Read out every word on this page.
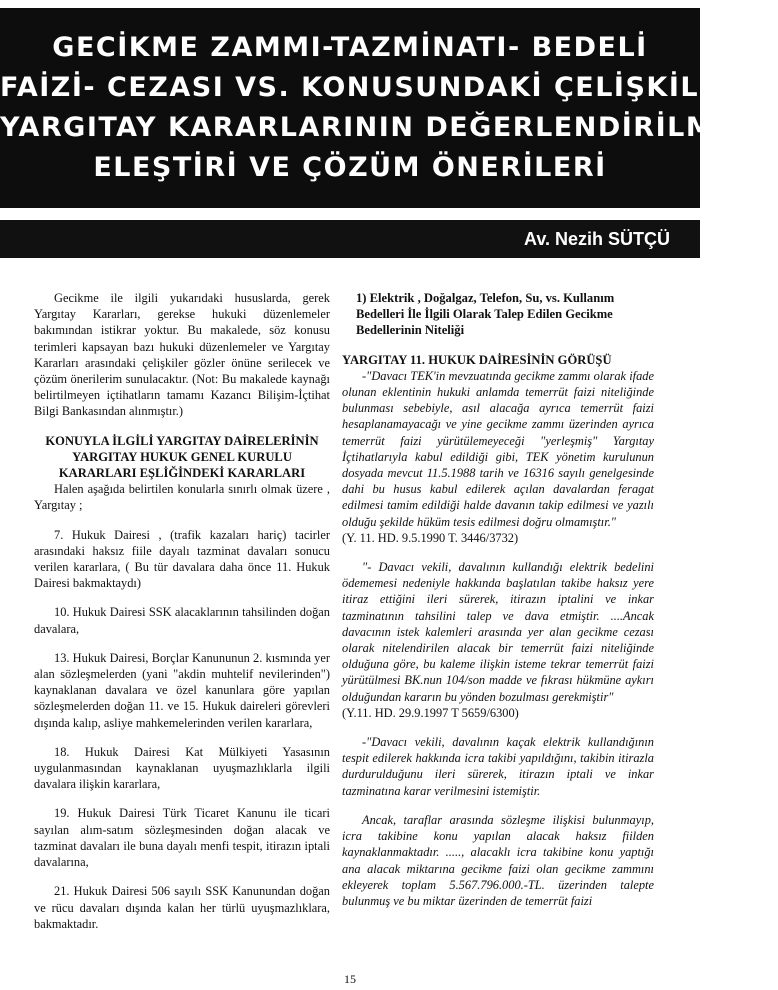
GECİKME ZAMMI-TAZMİNATI- BEDELİ
FAİZİ- CEZASI VS. KONUSUNDAKİ ÇELİŞKİLİ
YARGITAY KARARLARININ DEĞERLENDİRİLMESİ,
ELEŞTİRİ VE ÇÖZÜM ÖNERİLERİ

Av. Nezih SÜTÇÜ

Gecikme ile ilgili yukarıdaki hususlarda, gerek Yargıtay Kararları, gerekse hukuki düzenlemeler bakımından istikrar yoktur. Bu makalede, söz konusu terimleri kapsayan bazı hukuki düzenlemeler ve Yargıtay Kararları arasındaki çelişkiler gözler önüne serilecek ve çözüm önerilerim sunulacaktır. (Not: Bu makalede kaynağı belirtilmeyen içtihatların tamamı Kazancı Bilişim-İçtihat Bilgi Bankasından alınmıştır.)

KONUYLA İLGİLİ YARGITAY DAİRELERİNİN YARGITAY HUKUK GENEL KURULU KARARLARI EŞLİĞİNDEKİ KARARLARI

Halen aşağıda belirtilen konularla sınırlı olmak üzere , Yargıtay ;

7. Hukuk Dairesi , (trafik kazaları hariç) tacirler arasındaki haksız fiile dayalı tazminat davaları sonucu verilen kararlara, ( Bu tür davalara daha önce 11. Hukuk Dairesi bakmaktaydı)

10. Hukuk Dairesi SSK alacaklarının tahsilinden doğan davalara,

13. Hukuk Dairesi, Borçlar Kanununun 2. kısmında yer alan sözleşmelerden (yani "akdin muhtelif nevilerinden") kaynaklanan davalara ve özel kanunlara göre yapılan sözleşmelerden doğan 11. ve 15. Hukuk daireleri görevleri dışında kalıp, asliye mahkemelerinden verilen kararlara,

18. Hukuk Dairesi Kat Mülkiyeti Yasasının uygulanmasından kaynaklanan uyuşmazlıklarla ilgili davalara ilişkin kararlara,

19. Hukuk Dairesi Türk Ticaret Kanunu ile ticari sayılan alım-satım sözleşmesinden doğan alacak ve tazminat davaları ile buna dayalı menfi tespit, itirazın iptali davalarına,

21. Hukuk Dairesi 506 sayılı SSK Kanunundan doğan ve rücu davaları dışında kalan her türlü uyuşmazlıklara, bakmaktadır.

1) Elektrik , Doğalgaz, Telefon, Su, vs. Kullanım Bedelleri İle İlgili Olarak Talep Edilen Gecikme Bedellerinin Niteliği

YARGITAY 11. HUKUK DAİRESİNİN GÖRÜŞÜ

-"Davacı TEK'in mevzuatında gecikme zammı olarak ifade olunan eklentinin hukuki anlamda temerrüt faizi niteliğinde bulunması sebebiyle, asıl alacağa ayrıca temerrüt faizi hesaplanamayacağı ve yine gecikme zammı üzerinden ayrıca temerrüt faizi yürütülemeyeceği "yerleşmiş" Yargıtay İçtihatlarıyla kabul edildiği gibi, TEK yönetim kurulunun dosyada mevcut 11.5.1988 tarih ve 16316 sayılı genelgesinde dahi bu husus kabul edilerek açılan davalardan feragat edilmesi tamim edildiği halde davanın takip edilmesi ve yazılı olduğu şekilde hüküm tesis edilmesi doğru olmamıştır."

(Y. 11. HD. 9.5.1990 T. 3446/3732)

"- Davacı vekili, davalının kullandığı elektrik bedelini ödememesi nedeniyle hakkında başlatılan takibe haksız yere itiraz ettiğini ileri sürerek, itirazın iptalini ve inkar tazminatının tahsilini talep ve dava etmiştir. ....Ancak davacının istek kalemleri arasında yer alan gecikme cezası olarak nitelendirilen alacak bir temerrüt faizi niteliğinde olduğuna göre, bu kaleme ilişkin isteme tekrar temerrüt faizi yürütülmesi BK.nun 104/son madde ve fıkrası hükmüne aykırı olduğundan kararın bu yönden bozulması gerekmiştir"

(Y.11. HD. 29.9.1997 T 5659/6300)

-"Davacı vekili, davalının kaçak elektrik kullandığının tespit edilerek hakkında icra takibi yapıldığını, takibin itirazla durdurulduğunu ileri sürerek, itirazın iptali ve inkar tazminatına karar verilmesini istemiştir.

Ancak, taraflar arasında sözleşme ilişkisi bulunmayıp, icra takibine konu yapılan alacak haksız fiilden kaynaklanmaktadır. ....., alacaklı icra takibine konu yaptığı ana alacak miktarına gecikme faizi olan gecikme zammını ekleyerek toplam 5.567.796.000.-TL. üzerinden talepte bulunmuş ve bu miktar üzerinden de temerrüt faizi

15
